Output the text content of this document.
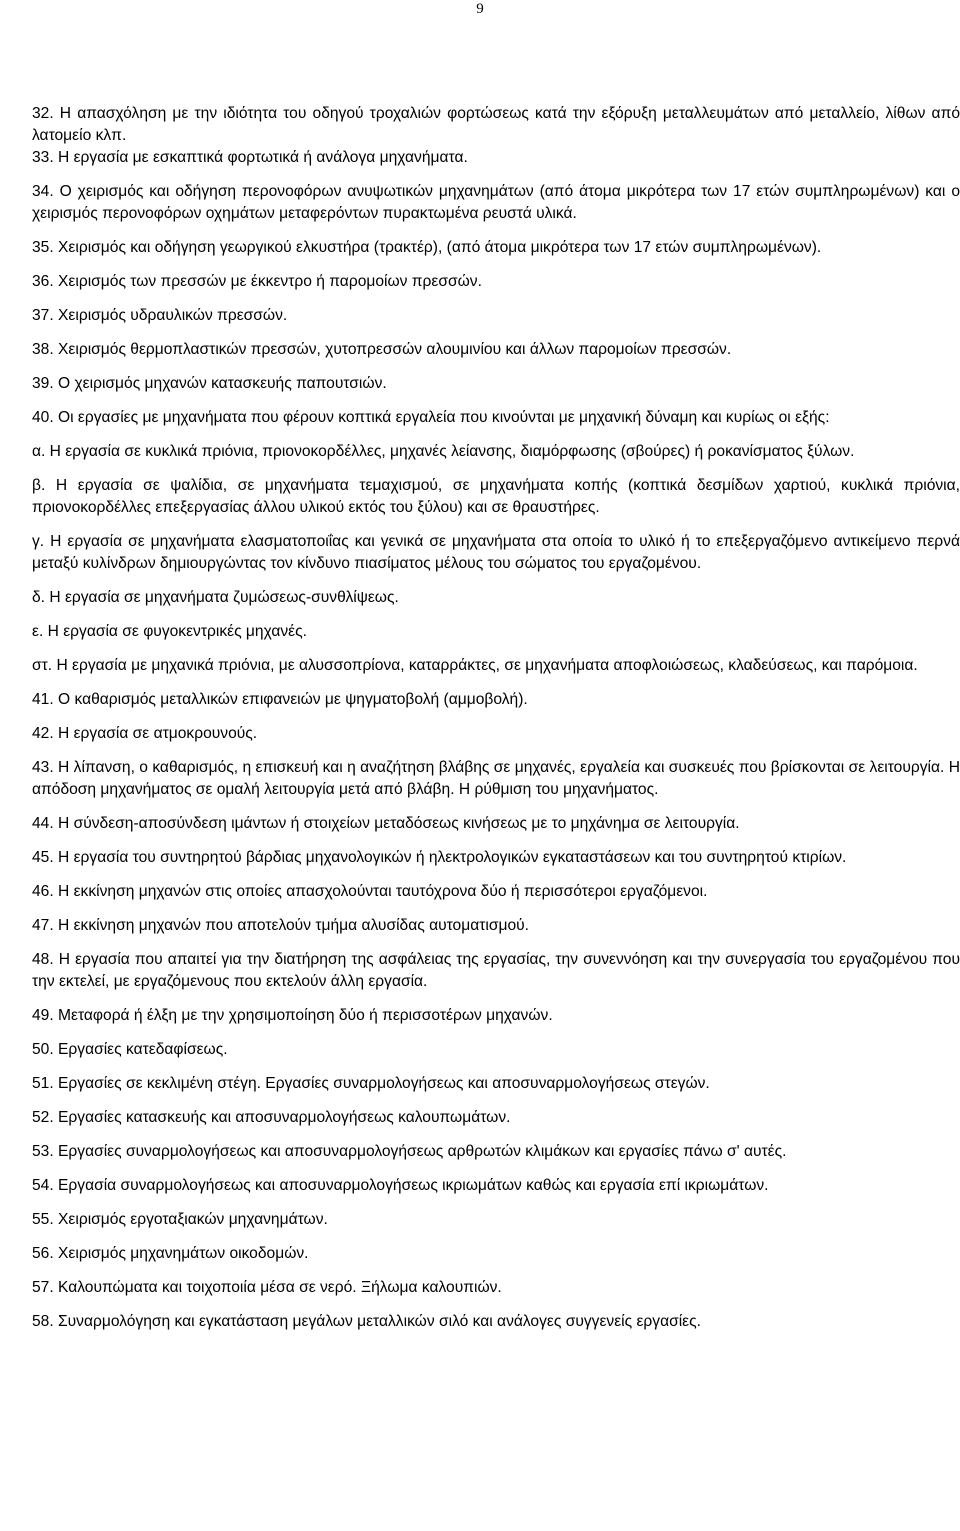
9

32. Η απασχόληση με την ιδιότητα του οδηγού τροχαλιών φορτώσεως κατά την εξόρυξη μεταλλευμάτων από μεταλλείο, λίθων από λατομείο κλπ.

33. Η εργασία με εσκαπτικά φορτωτικά ή ανάλογα μηχανήματα.

34. Ο χειρισμός και οδήγηση περονοφόρων ανυψωτικών μηχανημάτων (από άτομα μικρότερα των 17 ετών συμπληρωμένων) και ο χειρισμός περονοφόρων οχημάτων μεταφερόντων πυρακτωμένα ρευστά υλικά.

35. Χειρισμός και οδήγηση γεωργικού ελκυστήρα (τρακτέρ), (από άτομα μικρότερα των 17 ετών συμπληρωμένων).

36. Χειρισμός των πρεσσών με έκκεντρο ή παρομοίων πρεσσών.

37. Χειρισμός υδραυλικών πρεσσών.

38. Χειρισμός θερμοπλαστικών πρεσσών, χυτοπρεσσών αλουμινίου και άλλων παρομοίων πρεσσών.

39. Ο χειρισμός μηχανών κατασκευής παπουτσιών.

40. Οι εργασίες με μηχανήματα που φέρουν κοπτικά εργαλεία που κινούνται με μηχανική δύναμη και κυρίως οι εξής:

α. Η εργασία σε κυκλικά πριόνια, πριονοκορδέλλες, μηχανές λείανσης, διαμόρφωσης (σβούρες) ή ροκανίσματος ξύλων.

β. Η εργασία σε ψαλίδια, σε μηχανήματα τεμαχισμού, σε μηχανήματα κοπής (κοπτικά δεσμίδων χαρτιού, κυκλικά πριόνια, πριονοκορδέλλες επεξεργασίας άλλου υλικού εκτός του ξύλου) και σε θραυστήρες.

γ. Η εργασία σε μηχανήματα ελασματοποιΐας και γενικά σε μηχανήματα στα οποία το υλικό ή το επεξεργαζόμενο αντικείμενο περνά μεταξύ κυλίνδρων δημιουργώντας τον κίνδυνο πιασίματος μέλους του σώματος του εργαζομένου.

δ. Η εργασία σε μηχανήματα ζυμώσεως-συνθλίψεως.

ε. Η εργασία σε φυγοκεντρικές μηχανές.

στ. Η εργασία με μηχανικά πριόνια, με αλυσσοπρίονα, καταρράκτες, σε μηχανήματα αποφλοιώσεως, κλαδεύσεως, και παρόμοια.

41. Ο καθαρισμός μεταλλικών επιφανειών με ψηγματοβολή (αμμοβολή).

42. Η εργασία σε ατμοκρουνούς.

43. Η λίπανση, ο καθαρισμός, η επισκευή και η αναζήτηση βλάβης σε μηχανές, εργαλεία και συσκευές που βρίσκονται σε λειτουργία. Η απόδοση μηχανήματος σε ομαλή λειτουργία μετά από βλάβη. Η ρύθμιση του μηχανήματος.

44. Η σύνδεση-αποσύνδεση ιμάντων ή στοιχείων μεταδόσεως κινήσεως με το μηχάνημα σε λειτουργία.

45. Η εργασία του συντηρητού βάρδιας μηχανολογικών ή ηλεκτρολογικών εγκαταστάσεων και του συντηρητού κτιρίων.

46. Η εκκίνηση μηχανών στις οποίες απασχολούνται ταυτόχρονα δύο ή περισσότεροι εργαζόμενοι.

47. Η εκκίνηση μηχανών που αποτελούν τμήμα αλυσίδας αυτοματισμού.

48. Η εργασία που απαιτεί για την διατήρηση της ασφάλειας της εργασίας, την συνεννόηση και την συνεργασία του εργαζομένου που την εκτελεί, με εργαζόμενους που εκτελούν άλλη εργασία.

49. Μεταφορά ή έλξη με την χρησιμοποίηση δύο ή περισσοτέρων μηχανών.

50. Εργασίες κατεδαφίσεως.

51. Εργασίες σε κεκλιμένη στέγη. Εργασίες συναρμολογήσεως και αποσυναρμολογήσεως στεγών.

52. Εργασίες κατασκευής και αποσυναρμολογήσεως καλουπωμάτων.

53. Εργασίες συναρμολογήσεως και αποσυναρμολογήσεως αρθρωτών κλιμάκων και εργασίες πάνω σ' αυτές.

54. Εργασία συναρμολογήσεως και αποσυναρμολογήσεως ικριωμάτων καθώς και εργασία επί ικριωμάτων.

55. Χειρισμός εργοταξιακών μηχανημάτων.

56. Χειρισμός μηχανημάτων οικοδομών.

57. Καλουπώματα και τοιχοποιία μέσα σε νερό. Ξήλωμα καλουπιών.

58. Συναρμολόγηση και εγκατάσταση μεγάλων μεταλλικών σιλό και ανάλογες συγγενείς εργασίες.
